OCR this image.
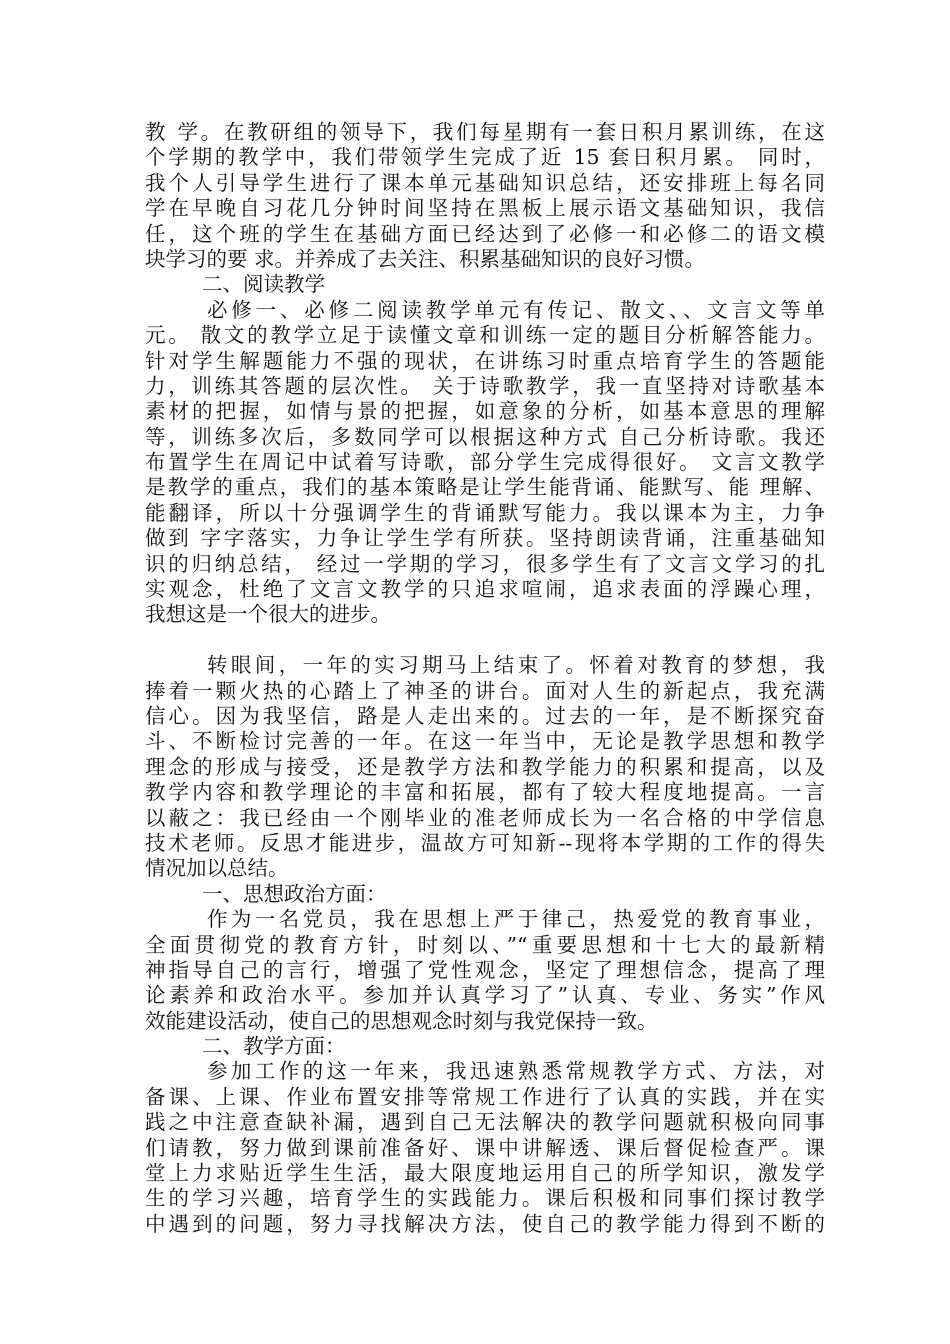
教 学。在教研组的领导下，我们每星期有一套日积月累训练，在这
个学期的教学中，我们带领学生完成了近 15 套日积月累。 同时，
我个人引导学生进行了课本单元基础知识总结，还安排班上每名同
学在早晚自习花几分钟时间坚持在黑板上展示语文基础知识，我信
任，这个班的学生在基础方面已经达到了必修一和必修二的语文模
块学习的要 求。并养成了去关注、积累基础知识的良好习惯。
二、阅读教学
必修一、必修二阅读教学单元有传记、散文、、文言文等单
元。 散文的教学立足于读懂文章和训练一定的题目分析解答能力。
针对学生解题能力不强的现状，在讲练习时重点培育学生的答题能
力，训练其答题的层次性。 关于诗歌教学，我一直坚持对诗歌基本
素材的把握，如情与景的把握，如意象的分析，如基本意思的理解
等，训练多次后，多数同学可以根据这种方式 自己分析诗歌。我还
布置学生在周记中试着写诗歌，部分学生完成得很好。 文言文教学
是教学的重点，我们的基本策略是让学生能背诵、能默写、能 理解、
能翻译，所以十分强调学生的背诵默写能力。我以课本为主，力争
做到 字字落实，力争让学生学有所获。坚持朗读背诵，注重基础知
识的归纳总结， 经过一学期的学习，很多学生有了文言文学习的扎
实观念，杜绝了文言文教学的只追求喧闹，追求表面的浮躁心理，
我想这是一个很大的进步。
转眼间，一年的实习期马上结束了。怀着对教育的梦想，我
捧着一颗火热的心踏上了神圣的讲台。面对人生的新起点，我充满
信心。因为我坚信，路是人走出来的。过去的一年，是不断探究奋
斗、不断检讨完善的一年。在这一年当中，无论是教学思想和教学
理念的形成与接受，还是教学方法和教学能力的积累和提高，以及
教学内容和教学理论的丰富和拓展，都有了较大程度地提高。一言
以蔽之：我已经由一个刚毕业的准老师成长为一名合格的中学信息
技术老师。反思才能进步，温故方可知新--现将本学期的工作的得失
情况加以总结。
一、思想政治方面：
作为一名党员，我在思想上严于律己，热爱党的教育事业，
全面贯彻党的教育方针，时刻以、”“重要思想和十七大的最新精
神指导自己的言行，增强了党性观念，坚定了理想信念，提高了理
论素养和政治水平。参加并认真学习了”认真、专业、务实”作风
效能建设活动，使自己的思想观念时刻与我党保持一致。
二、教学方面：
参加工作的这一年来，我迅速熟悉常规教学方式、方法，对
备课、上课、作业布置安排等常规工作进行了认真的实践，并在实
践之中注意查缺补漏，遇到自己无法解决的教学问题就积极向同事
们请教，努力做到课前准备好、课中讲解透、课后督促检查严。课
堂上力求贴近学生生活，最大限度地运用自己的所学知识，激发学
生的学习兴趣，培育学生的实践能力。课后积极和同事们探讨教学
中遇到的问题，努力寻找解决方法，使自己的教学能力得到不断的
